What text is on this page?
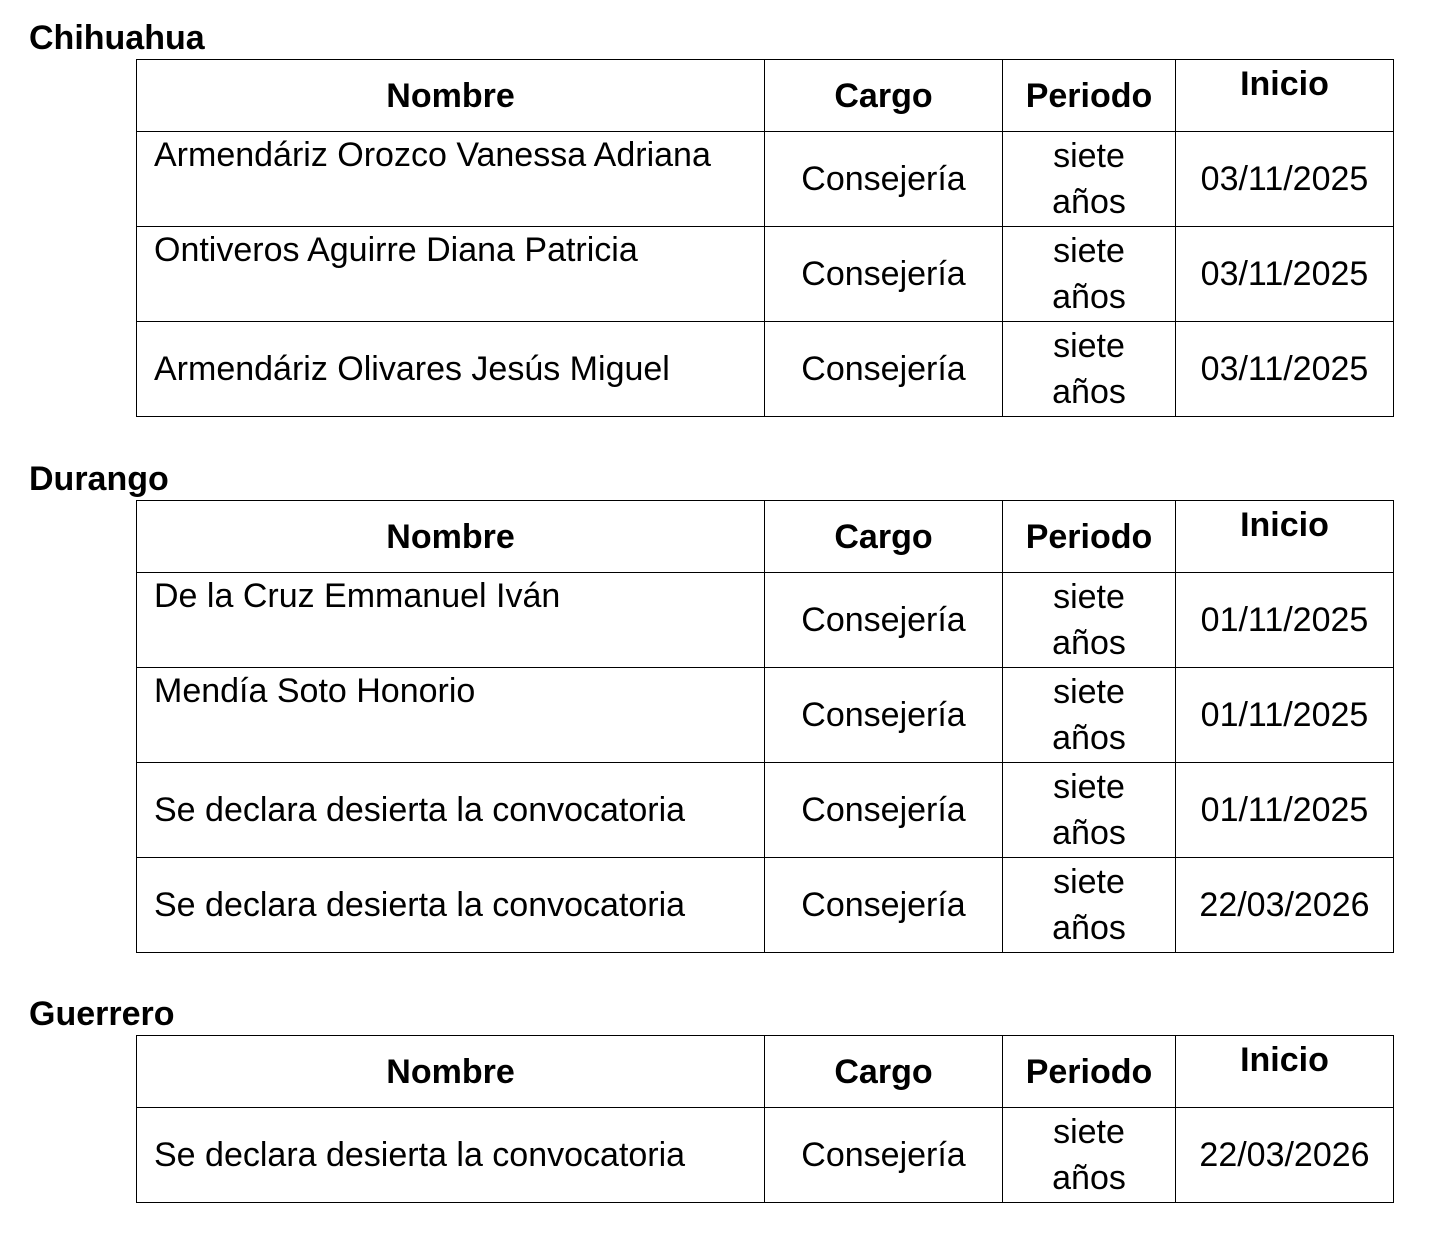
Chihuahua
Nombre	Cargo	Periodo	Inicio
Armendáriz Orozco Vanessa Adriana	Consejería	siete años	03/11/2025
Ontiveros Aguirre Diana Patricia	Consejería	siete años	03/11/2025
Armendáriz Olivares Jesús Miguel	Consejería	siete años	03/11/2025
Durango
Nombre	Cargo	Periodo	Inicio
De la Cruz Emmanuel Iván	Consejería	siete años	01/11/2025
Mendía Soto Honorio	Consejería	siete años	01/11/2025
Se declara desierta la convocatoria	Consejería	siete años	01/11/2025
Se declara desierta la convocatoria	Consejería	siete años	22/03/2026
Guerrero
Nombre	Cargo	Periodo	Inicio
Se declara desierta la convocatoria	Consejería	siete años	22/03/2026
